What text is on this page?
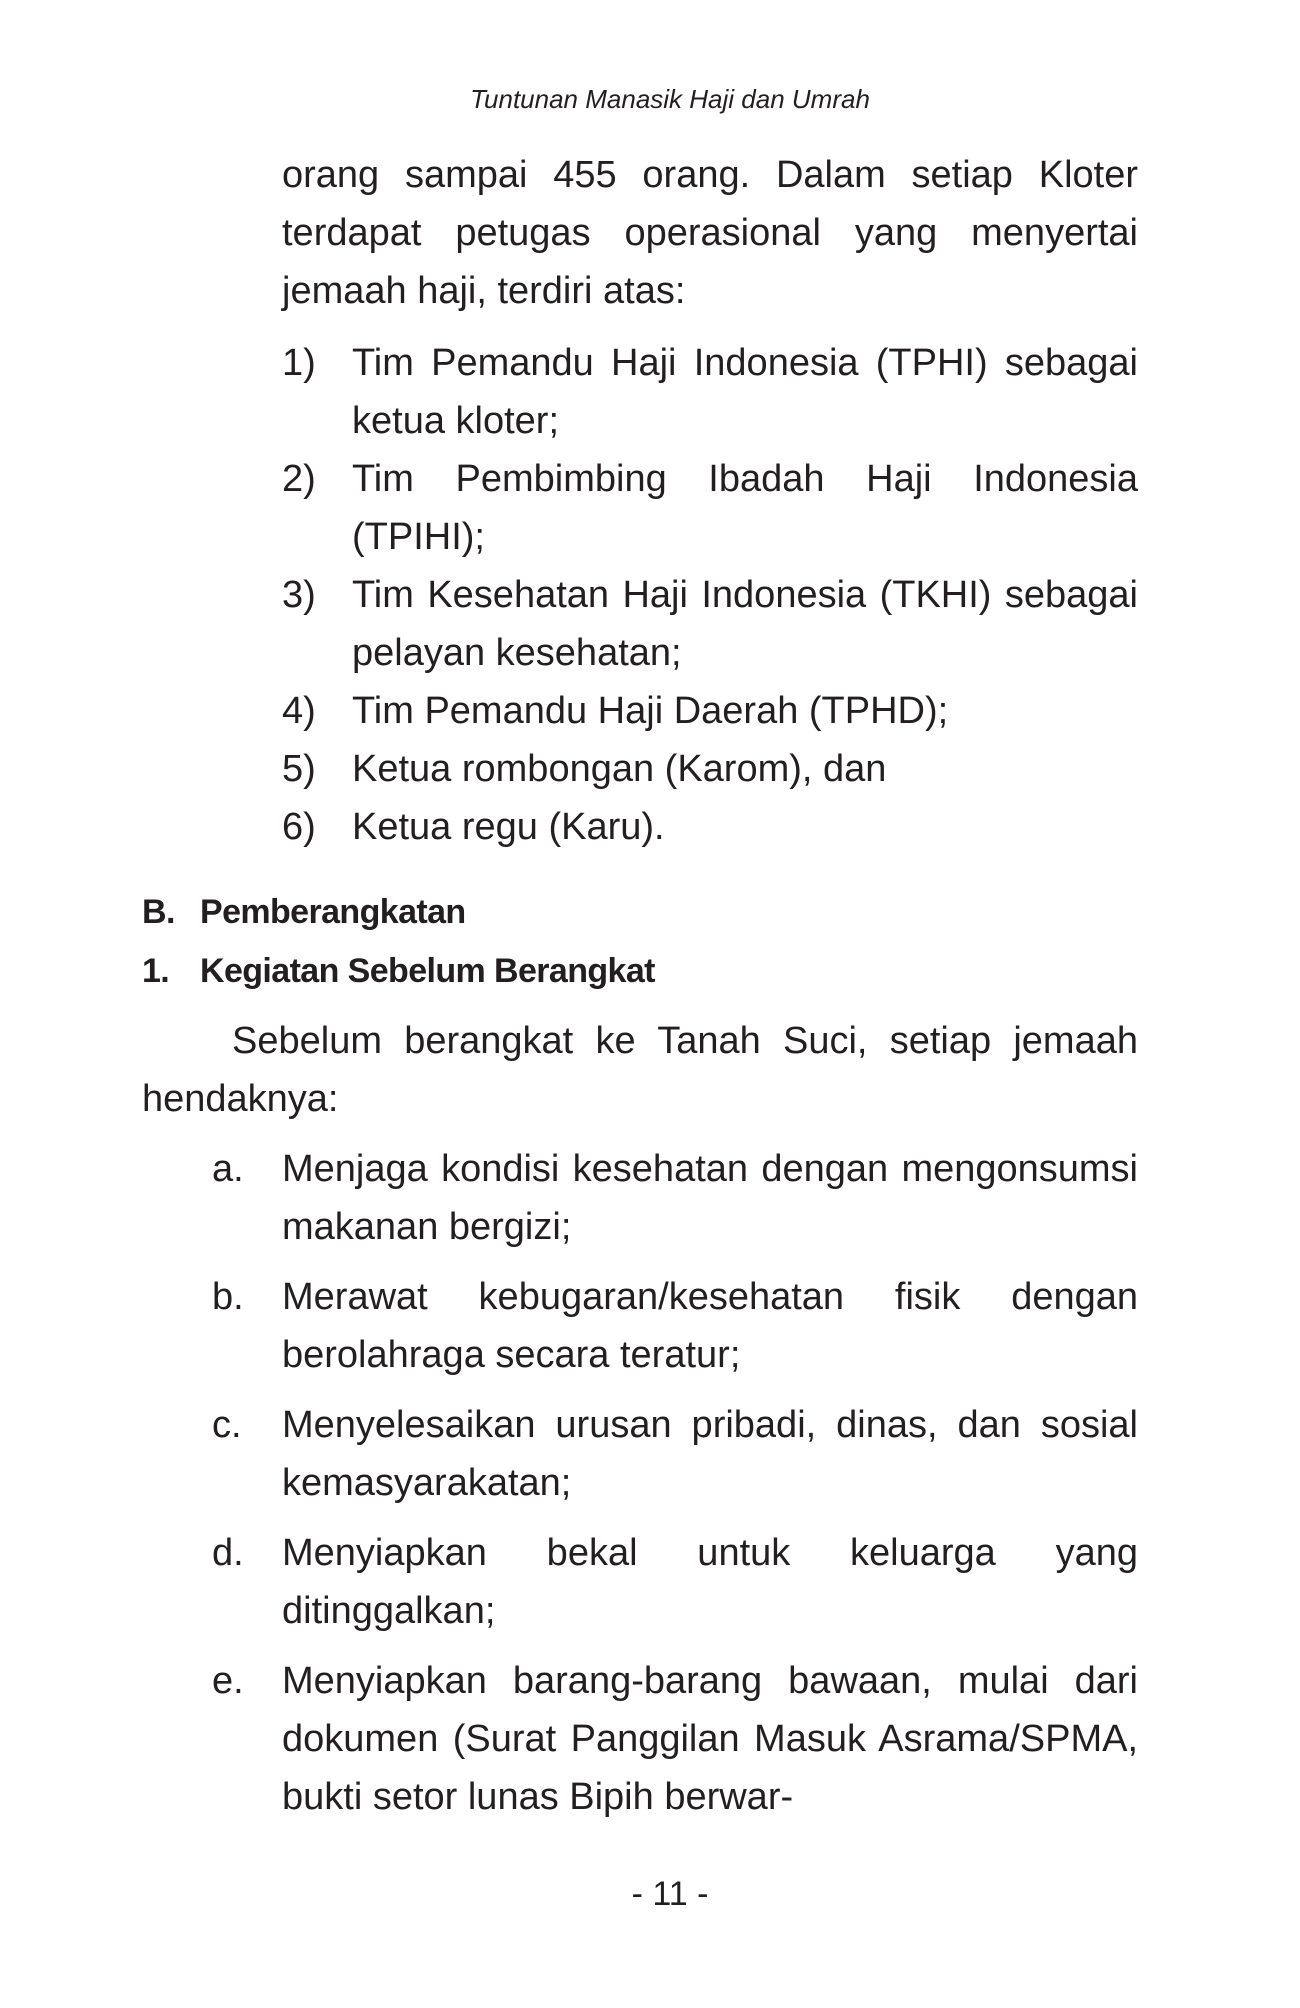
Tuntunan Manasik Haji dan Umrah
orang sampai 455 orang. Dalam setiap Kloter terdapat petugas operasional yang menyertai jemaah haji, terdiri atas:
1) Tim Pemandu Haji Indonesia (TPHI) sebagai ketua kloter;
2) Tim Pembimbing Ibadah Haji Indonesia (TPIHI);
3) Tim Kesehatan Haji Indonesia (TKHI) sebagai pelayan kesehatan;
4) Tim Pemandu Haji Daerah (TPHD);
5) Ketua rombongan (Karom), dan
6) Ketua regu (Karu).
B. Pemberangkatan
1. Kegiatan Sebelum Berangkat
Sebelum berangkat ke Tanah Suci, setiap jemaah hendaknya:
a.	Menjaga kondisi kesehatan dengan mengonsumsi makanan bergizi;
b.	Merawat kebugaran/kesehatan fisik dengan berolahraga secara teratur;
c.	Menyelesaikan urusan pribadi, dinas, dan sosial kemasyarakatan;
d.	Menyiapkan bekal untuk keluarga yang ditinggalkan;
e.	Menyiapkan barang-barang bawaan, mulai dari dokumen (Surat Panggilan Masuk Asrama/SPMA, bukti setor lunas Bipih berwar-
- 11 -
